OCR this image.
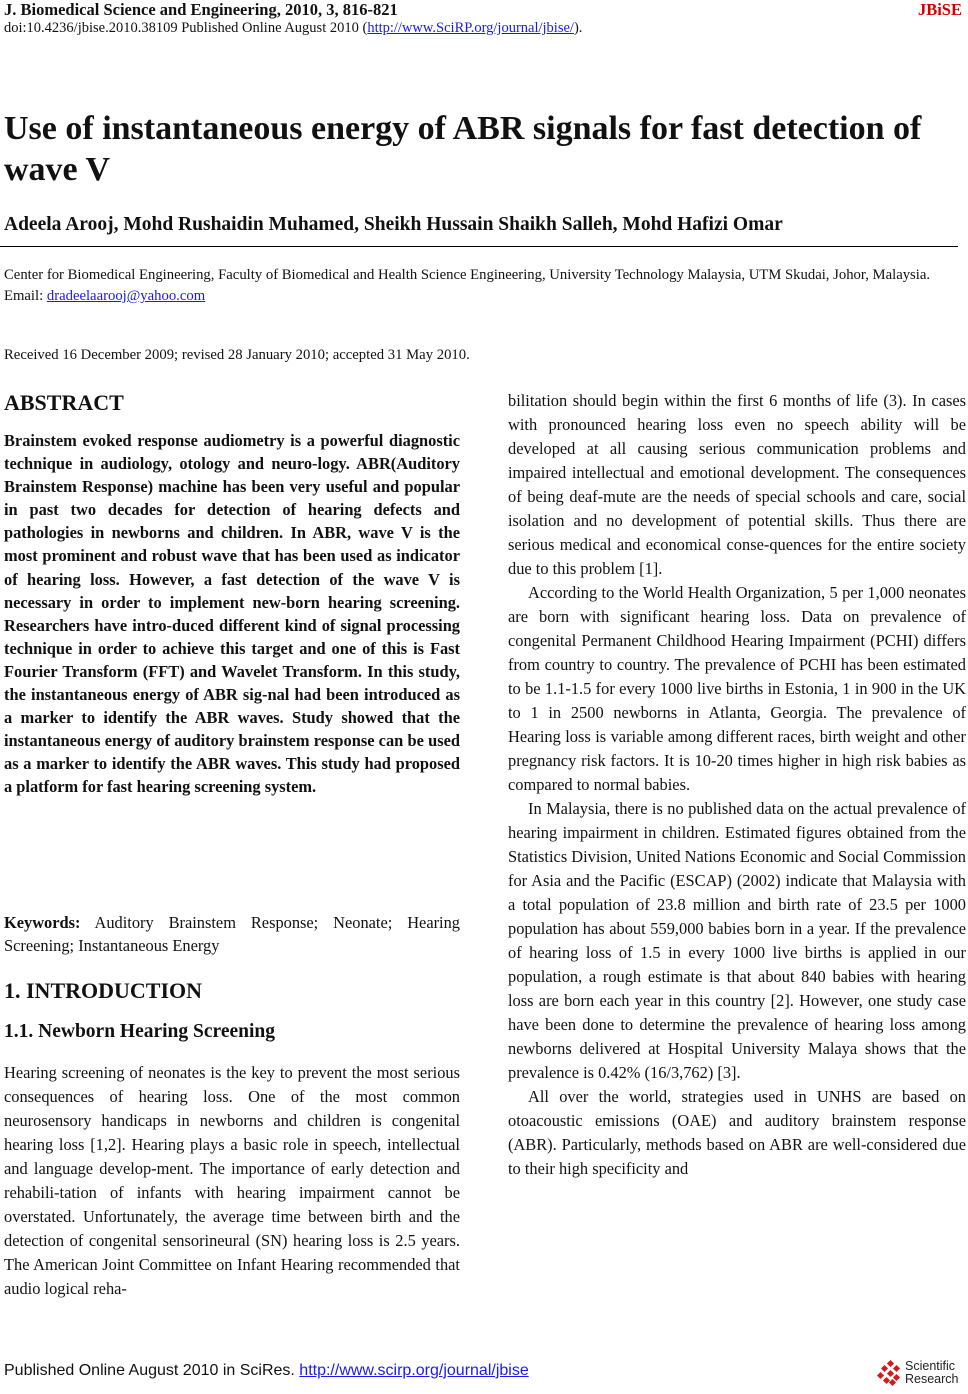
J. Biomedical Science and Engineering, 2010, 3, 816-821	JBiSE
doi:10.4236/jbise.2010.38109 Published Online August 2010 (http://www.SciRP.org/journal/jbise/).
Use of instantaneous energy of ABR signals for fast detection of wave V
Adeela Arooj, Mohd Rushaidin Muhamed, Sheikh Hussain Shaikh Salleh, Mohd Hafizi Omar
Center for Biomedical Engineering, Faculty of Biomedical and Health Science Engineering, University Technology Malaysia, UTM Skudai, Johor, Malaysia.
Email: dradeelaarooj@yahoo.com
Received 16 December 2009; revised 28 January 2010; accepted 31 May 2010.
ABSTRACT
Brainstem evoked response audiometry is a powerful diagnostic technique in audiology, otology and neuro-logy. ABR(Auditory Brainstem Response) machine has been very useful and popular in past two decades for detection of hearing defects and pathologies in newborns and children. In ABR, wave V is the most prominent and robust wave that has been used as indicator of hearing loss. However, a fast detection of the wave V is necessary in order to implement new-born hearing screening. Researchers have intro-duced different kind of signal processing technique in order to achieve this target and one of this is Fast Fourier Transform (FFT) and Wavelet Transform. In this study, the instantaneous energy of ABR sig-nal had been introduced as a marker to identify the ABR waves. Study showed that the instantaneous energy of auditory brainstem response can be used as a marker to identify the ABR waves. This study had proposed a platform for fast hearing screening system.
Keywords: Auditory Brainstem Response; Neonate; Hearing Screening; Instantaneous Energy
1. INTRODUCTION
1.1. Newborn Hearing Screening
Hearing screening of neonates is the key to prevent the most serious consequences of hearing loss. One of the most common neurosensory handicaps in newborns and children is congenital hearing loss [1,2]. Hearing plays a basic role in speech, intellectual and language develop-ment. The importance of early detection and rehabili-tation of infants with hearing impairment cannot be overstated. Unfortunately, the average time between birth and the detection of congenital sensorineural (SN) hearing loss is 2.5 years. The American Joint Committee on Infant Hearing recommended that audio logical reha-

bilitation should begin within the first 6 months of life (3). In cases with pronounced hearing loss even no speech ability will be developed at all causing serious communication problems and impaired intellectual and emotional development. The consequences of being deaf-mute are the needs of special schools and care, social isolation and no development of potential skills. Thus there are serious medical and economical conse-quences for the entire society due to this problem [1].

According to the World Health Organization, 5 per 1,000 neonates are born with significant hearing loss. Data on prevalence of congenital Permanent Childhood Hearing Impairment (PCHI) differs from country to country. The prevalence of PCHI has been estimated to be 1.1-1.5 for every 1000 live births in Estonia, 1 in 900 in the UK to 1 in 2500 newborns in Atlanta, Georgia. The prevalence of Hearing loss is variable among different races, birth weight and other pregnancy risk factors. It is 10-20 times higher in high risk babies as compared to normal babies.

In Malaysia, there is no published data on the actual prevalence of hearing impairment in children. Estimated figures obtained from the Statistics Division, United Nations Economic and Social Commission for Asia and the Pacific (ESCAP) (2002) indicate that Malaysia with a total population of 23.8 million and birth rate of 23.5 per 1000 population has about 559,000 babies born in a year. If the prevalence of hearing loss of 1.5 in every 1000 live births is applied in our population, a rough estimate is that about 840 babies with hearing loss are born each year in this country [2]. However, one study case have been done to determine the prevalence of hearing loss among newborns delivered at Hospital University Malaya shows that the prevalence is 0.42% (16/3,762) [3].

All over the world, strategies used in UNHS are based on otoacoustic emissions (OAE) and auditory brainstem response (ABR). Particularly, methods based on ABR are well-considered due to their high specificity and

Published Online August 2010 in SciRes. http://www.scirp.org/journal/jbise	Scientific
Research
